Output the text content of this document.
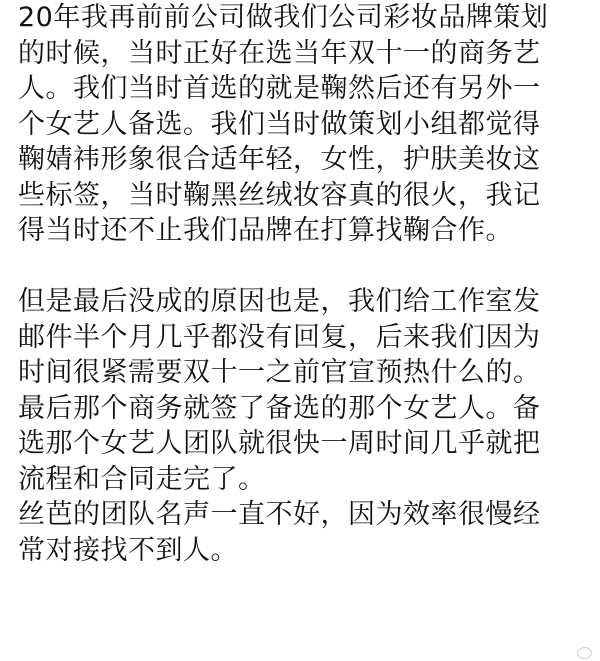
20年我再前前公司做我们公司彩妆品牌策划
的时候，当时正好在选当年双十一的商务艺
人。我们当时首选的就是鞠然后还有另外一
个女艺人备选。我们当时做策划小组都觉得
鞠婧祎形象很合适年轻，女性，护肤美妆这
些标签，当时鞠黑丝绒妆容真的很火，我记
得当时还不止我们品牌在打算找鞠合作。
但是最后没成的原因也是，我们给工作室发
邮件半个月几乎都没有回复，后来我们因为
时间很紧需要双十一之前官宣预热什么的。
最后那个商务就签了备选的那个女艺人。备
选那个女艺人团队就很快一周时间几乎就把
流程和合同走完了。
丝芭的团队名声一直不好，因为效率很慢经
常对接找不到人。
